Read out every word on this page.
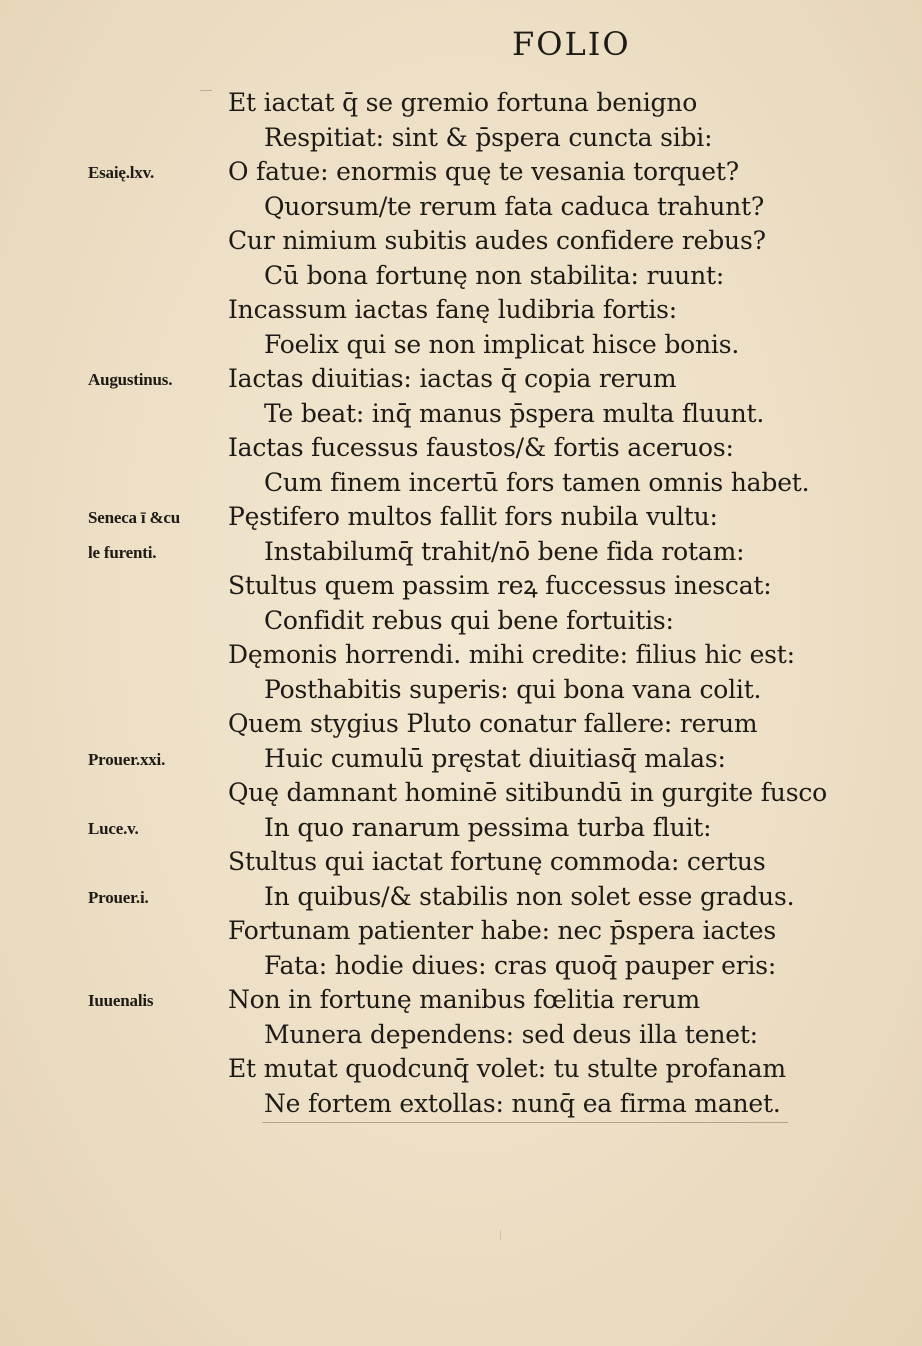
FOLIO
Esaię.lxv.
Augustinus.
Seneca ī &cu
le furenti.
Prouer.xxi.
Luce.v.
Prouer.i.
Iuuenalis
Et iactat q̄ se gremio fortuna benigno
Respitiat: sint & p̄spera cuncta sibi:
O fatue: enormis quę te vesania torquet?
Quorsum/te rerum fata caduca trahunt?
Cur nimium subitis audes confidere rebus?
Cū bona fortunę non stabilita: ruunt:
Incassum iactas fanę ludibria fortis:
Foelix qui se non implicat hisce bonis.
Iactas diuitias: iactas q̄ copia rerum
Te beat: inq̄ manus p̄spera multa fluunt.
Iactas fucessus faustos/& fortis aceruos:
Cum finem incertū fors tamen omnis habet.
Pęstifero multos fallit fors nubila vultu:
Instabilumq̄ trahit/nō bene fida rotam:
Stultus quem passim reꝝ fuccessus inescat:
Confidit rebus qui bene fortuitis:
Dęmonis horrendi. mihi credite: filius hic est:
Posthabitis superis: qui bona vana colit.
Quem stygius Pluto conatur fallere: rerum
Huic cumulū pręstat diuitiasq̄ malas:
Quę damnant hominē sitibundū in gurgite fusco
In quo ranarum pessima turba fluit:
Stultus qui iactat fortunę commoda: certus
In quibus/& stabilis non solet esse gradus.
Fortunam patienter habe: nec p̄spera iactes
Fata: hodie diues: cras quoq̄ pauper eris:
Non in fortunę manibus fœlitia rerum
Munera dependens: sed deus illa tenet:
Et mutat quodcunq̄ volet: tu stulte profanam
Ne fortem extollas: nunq̄ ea firma manet.
